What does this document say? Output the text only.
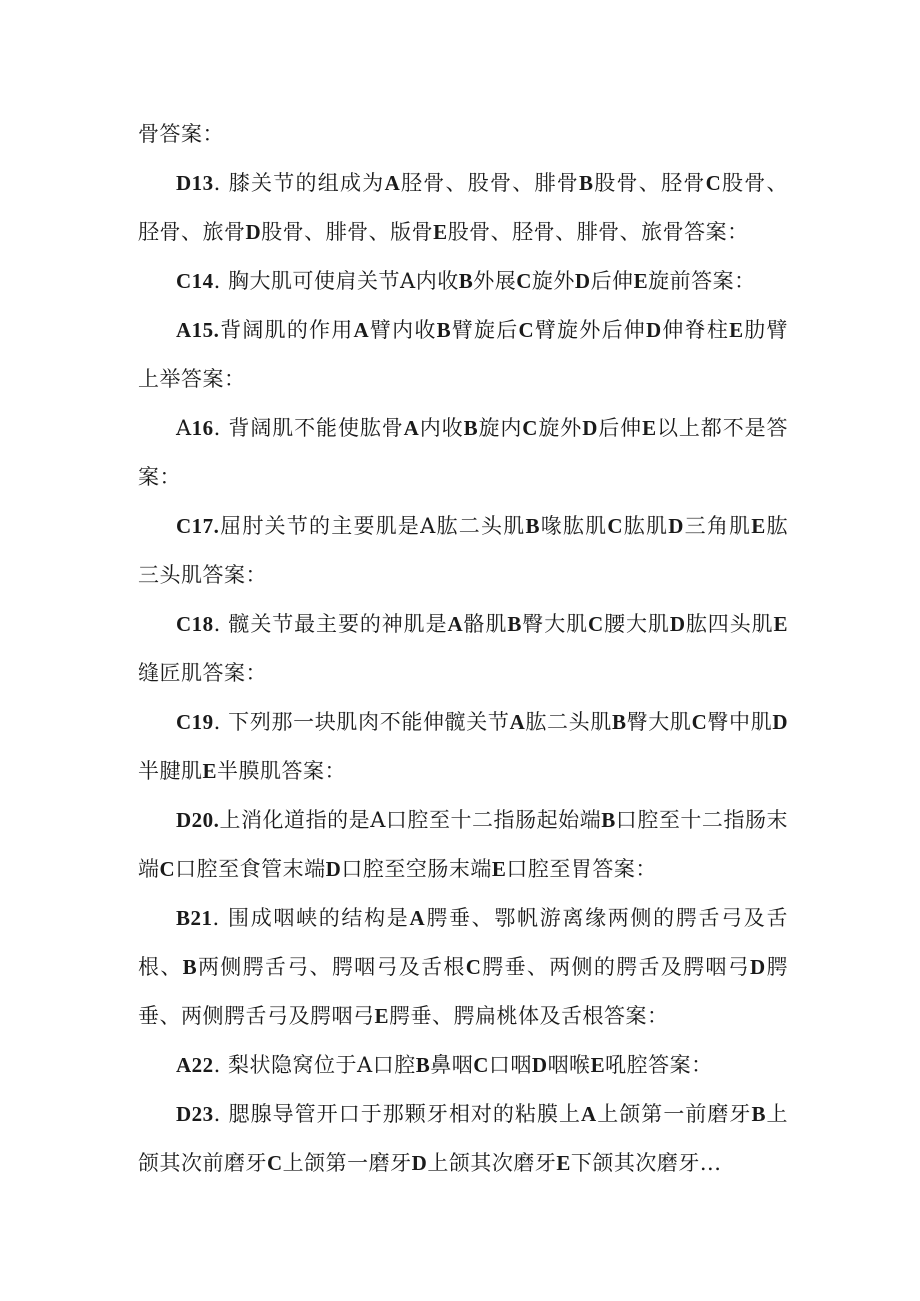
骨答案：

D13. 膝关节的组成为A胫骨、股骨、腓骨B股骨、胫骨C股骨、胫骨、旅骨D股骨、腓骨、版骨E股骨、胫骨、腓骨、旅骨答案：

C14. 胸大肌可使肩关节A内收B外展C旋外D后伸E旋前答案：

A15.背阔肌的作用A臂内收B臂旋后C臂旋外后伸D伸脊柱E肋臂上举答案：

A16. 背阔肌不能使肱骨A内收B旋内C旋外D后伸E以上都不是答案：

C17.屈肘关节的主要肌是A肱二头肌B喙肱肌C肱肌D三角肌E肱三头肌答案：

C18. 髋关节最主要的神肌是A骼肌B臀大肌C腰大肌D肱四头肌E缝匠肌答案：

C19. 下列那一块肌肉不能伸髋关节A肱二头肌B臀大肌C臀中肌D半腱肌E半膜肌答案：

D20.上消化道指的是A口腔至十二指肠起始端B口腔至十二指肠末端C口腔至食管末端D口腔至空肠末端E口腔至胃答案：

B21. 围成咽峡的结构是A腭垂、鄂帆游离缘两侧的腭舌弓及舌根、B两侧腭舌弓、腭咽弓及舌根C腭垂、两侧的腭舌及腭咽弓D腭垂、两侧腭舌弓及腭咽弓E腭垂、腭扁桃体及舌根答案：

A22. 梨状隐窝位于A口腔B鼻咽C口咽D咽喉E吼腔答案：

D23. 腮腺导管开口于那颗牙相对的粘膜上A上颌第一前磨牙B上颌其次前磨牙C上颌第一磨牙D上颌其次磨牙E下颌其次磨牙...
